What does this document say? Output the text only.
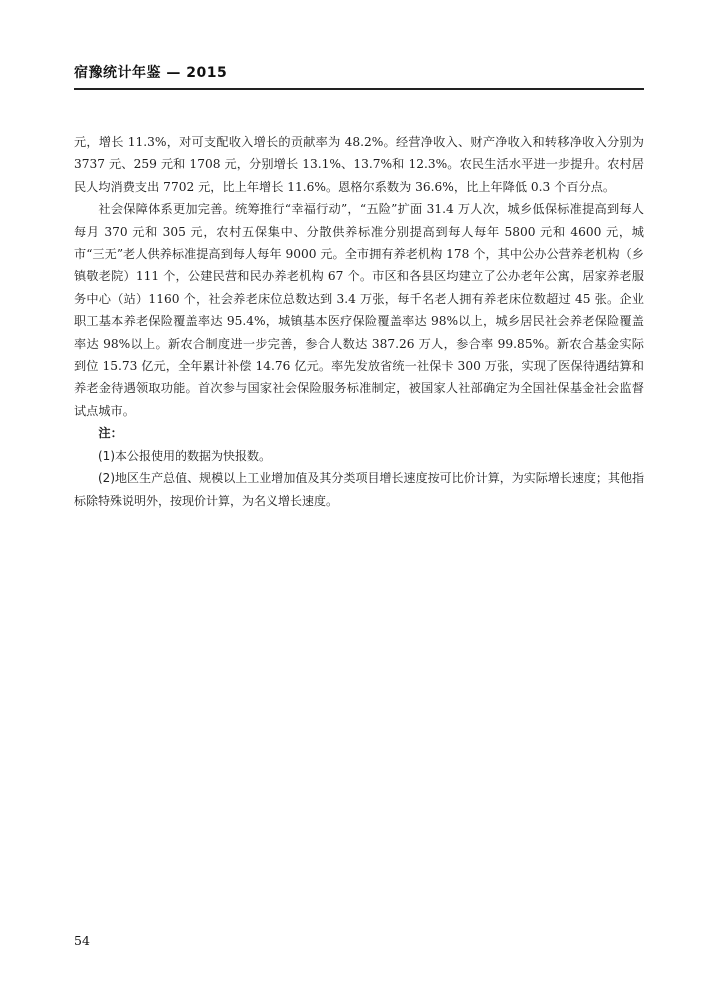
宿豫统计年鉴 — 2015

元，增长 11.3%，对可支配收入增长的贡献率为 48.2%。经营净收入、财产净收入和转移净收入分别为 3737 元、259 元和 1708 元，分别增长 13.1%、13.7%和 12.3%。农民生活水平进一步提升。农村居民人均消费支出 7702 元，比上年增长 11.6%。恩格尔系数为 36.6%，比上年降低 0.3 个百分点。

社会保障体系更加完善。统筹推行“幸福行动”，“五险”扩面 31.4 万人次，城乡低保标准提高到每人每月 370 元和 305 元，农村五保集中、分散供养标准分别提高到每人每年 5800 元和 4600 元，城市“三无”老人供养标准提高到每人每年 9000 元。全市拥有养老机构 178 个，其中公办公营养老机构（乡镇敬老院）111 个，公建民营和民办养老机构 67 个。市区和各县区均建立了公办老年公寓，居家养老服务中心（站）1160 个，社会养老床位总数达到 3.4 万张，每千名老人拥有养老床位数超过 45 张。企业职工基本养老保险覆盖率达 95.4%，城镇基本医疗保险覆盖率达 98%以上，城乡居民社会养老保险覆盖率达 98%以上。新农合制度进一步完善，参合人数达 387.26 万人，参合率 99.85%。新农合基金实际到位 15.73 亿元，全年累计补偿 14.76 亿元。率先发放省统一社保卡 300 万张，实现了医保待遇结算和养老金待遇领取功能。首次参与国家社会保险服务标准制定，被国家人社部确定为全国社保基金社会监督试点城市。

注：

(1)本公报使用的数据为快报数。

(2)地区生产总值、规模以上工业增加值及其分类项目增长速度按可比价计算，为实际增长速度；其他指标除特殊说明外，按现价计算，为名义增长速度。

54
